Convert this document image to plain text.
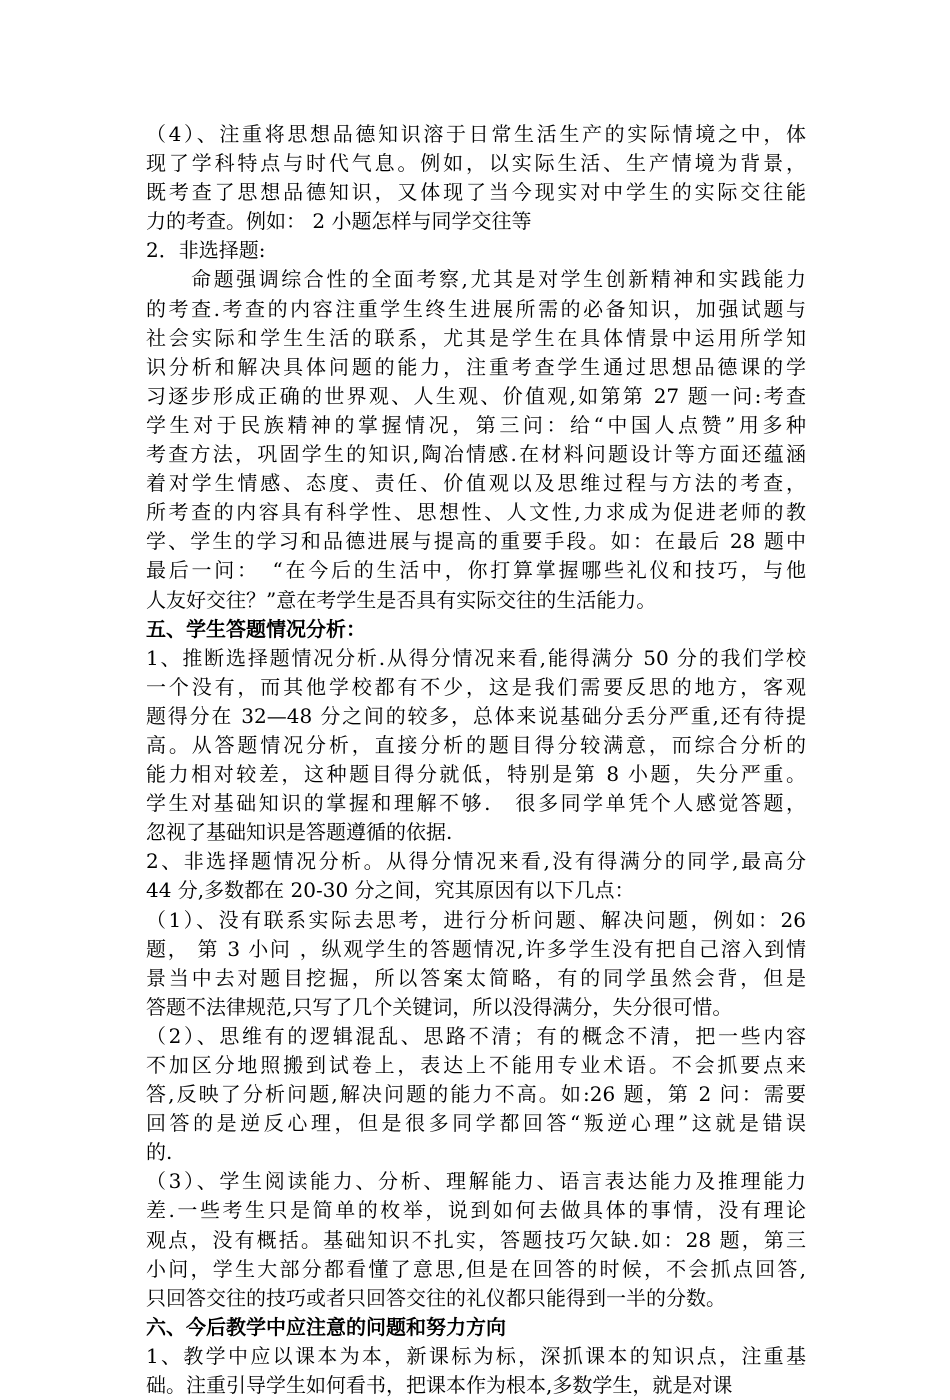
（4）、注重将思想品德知识溶于日常生活生产的实际情境之中，体
现了学科特点与时代气息。例如，以实际生活、生产情境为背景，
既考查了思想品德知识，又体现了当今现实对中学生的实际交往能
力的考查。例如： 2 小题怎样与同学交往等
2．非选择题:
　　命题强调综合性的全面考察,尤其是对学生创新精神和实践能力
的考查.考查的内容注重学生终生进展所需的必备知识，加强试题与
社会实际和学生生活的联系，尤其是学生在具体情景中运用所学知
识分析和解决具体问题的能力，注重考查学生通过思想品德课的学
习逐步形成正确的世界观、人生观、价值观,如第第 27 题一问:考查
学生对于民族精神的掌握情况，第三问：给“中国人点赞”用多种
考查方法，巩固学生的知识,陶冶情感.在材料问题设计等方面还蕴涵
着对学生情感、态度、责任、价值观以及思维过程与方法的考查，
所考查的内容具有科学性、思想性、人文性,力求成为促进老师的教
学、学生的学习和品德进展与提高的重要手段。如：在最后 28 题中
最后一问：　“在今后的生活中，你打算掌握哪些礼仪和技巧，与他
人友好交往？”意在考学生是否具有实际交往的生活能力。
五、学生答题情况分析：
1、推断选择题情况分析.从得分情况来看,能得满分 50 分的我们学校
一个没有，而其他学校都有不少，这是我们需要反思的地方，客观
题得分在 32—48 分之间的较多，总体来说基础分丢分严重,还有待提
高。从答题情况分析，直接分析的题目得分较满意，而综合分析的
能力相对较差，这种题目得分就低，特别是第 8 小题，失分严重。
学生对基础知识的掌握和理解不够.　很多同学单凭个人感觉答题，
忽视了基础知识是答题遵循的依据.
2、非选择题情况分析。从得分情况来看,没有得满分的同学,最高分
44 分,多数都在 20-30 分之间，究其原因有以下几点：
（1）、没有联系实际去思考，进行分析问题、解决问题，例如：26
题， 第 3 小问 ，纵观学生的答题情况,许多学生没有把自己溶入到情
景当中去对题目挖掘，所以答案太简略，有的同学虽然会背，但是
答题不法律规范,只写了几个关键词，所以没得满分，失分很可惜。
（2）、思维有的逻辑混乱、思路不清；有的概念不清，把一些内容
不加区分地照搬到试卷上，表达上不能用专业术语。不会抓要点来
答,反映了分析问题,解决问题的能力不高。如:26 题，第 2 问：需要
回答的是逆反心理，但是很多同学都回答“叛逆心理”这就是错误
的.
（3）、学生阅读能力、分析、理解能力、语言表达能力及推理能力
差.一些考生只是简单的枚举，说到如何去做具体的事情，没有理论
观点，没有概括。基础知识不扎实，答题技巧欠缺.如：28 题，第三
小问，学生大部分都看懂了意思,但是在回答的时候，不会抓点回答,
只回答交往的技巧或者只回答交往的礼仪都只能得到一半的分数。
六、今后教学中应注意的问题和努力方向
1、教学中应以课本为本，新课标为标，深抓课本的知识点，注重基
础。注重引导学生如何看书，把课本作为根本,多数学生，就是对课
